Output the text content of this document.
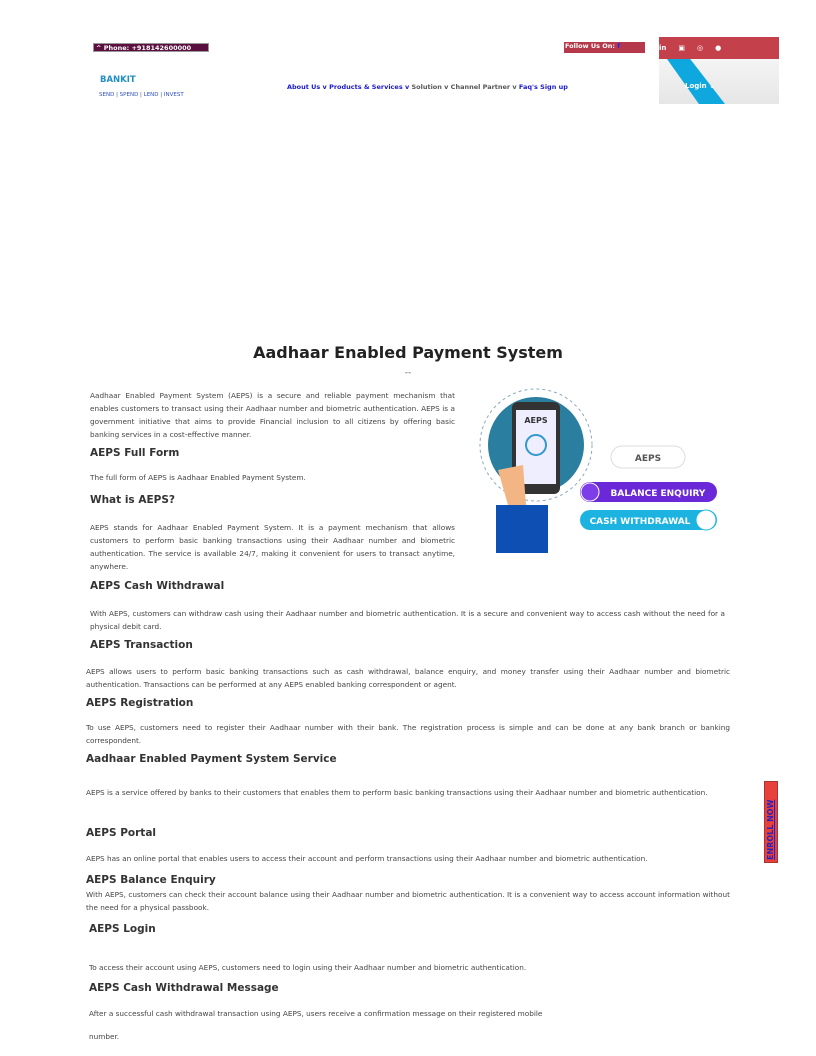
^ Phone: +918142600000	Follow Us On: f	in ▣ ◎ ●
Login ⌄
BANKIT
SEND | SPEND | LEND | INVEST
About Us v Products & Services v Solution v Channel Partner v Faq's Sign up
Aadhaar Enabled Payment System
--
AEPS
AEPS
BALANCE ENQUIRY
CASH WITHDRAWAL

Aadhaar Enabled Payment System (AEPS) is a secure and reliable payment mechanism that enables customers to transact using their Aadhaar number and biometric authentication. AEPS is a government initiative that aims to provide Financial inclusion to all citizens by offering basic banking services in a cost-effective manner.

AEPS Full Form

The full form of AEPS is Aadhaar Enabled Payment System.

What is AEPS?

AEPS stands for Aadhaar Enabled Payment System. It is a payment mechanism that allows customers to perform basic banking transactions using their Aadhaar number and biometric authentication. The service is available 24/7, making it convenient for users to transact anytime, anywhere.

AEPS Cash Withdrawal

With AEPS, customers can withdraw cash using their Aadhaar number and biometric authentication. It is a secure and convenient way to access cash without the need for a physical debit card.

AEPS Transaction

AEPS allows users to perform basic banking transactions such as cash withdrawal, balance enquiry, and money transfer using their Aadhaar number and biometric authentication. Transactions can be performed at any AEPS enabled banking correspondent or agent.

AEPS Registration

To use AEPS, customers need to register their Aadhaar number with their bank. The registration process is simple and can be done at any bank branch or banking correspondent.

Aadhaar Enabled Payment System Service

AEPS is a service offered by banks to their customers that enables them to perform basic banking transactions using their Aadhaar number and biometric authentication.

AEPS Portal

AEPS has an online portal that enables users to access their account and perform transactions using their Aadhaar number and biometric authentication.

AEPS Balance Enquiry

With AEPS, customers can check their account balance using their Aadhaar number and biometric authentication. It is a convenient way to access account information without the need for a physical passbook.

AEPS Login

To access their account using AEPS, customers need to login using their Aadhaar number and biometric authentication.

AEPS Cash Withdrawal Message

After a successful cash withdrawal transaction using AEPS, users receive a confirmation message on their registered mobile

number.

ENROLL NOW
